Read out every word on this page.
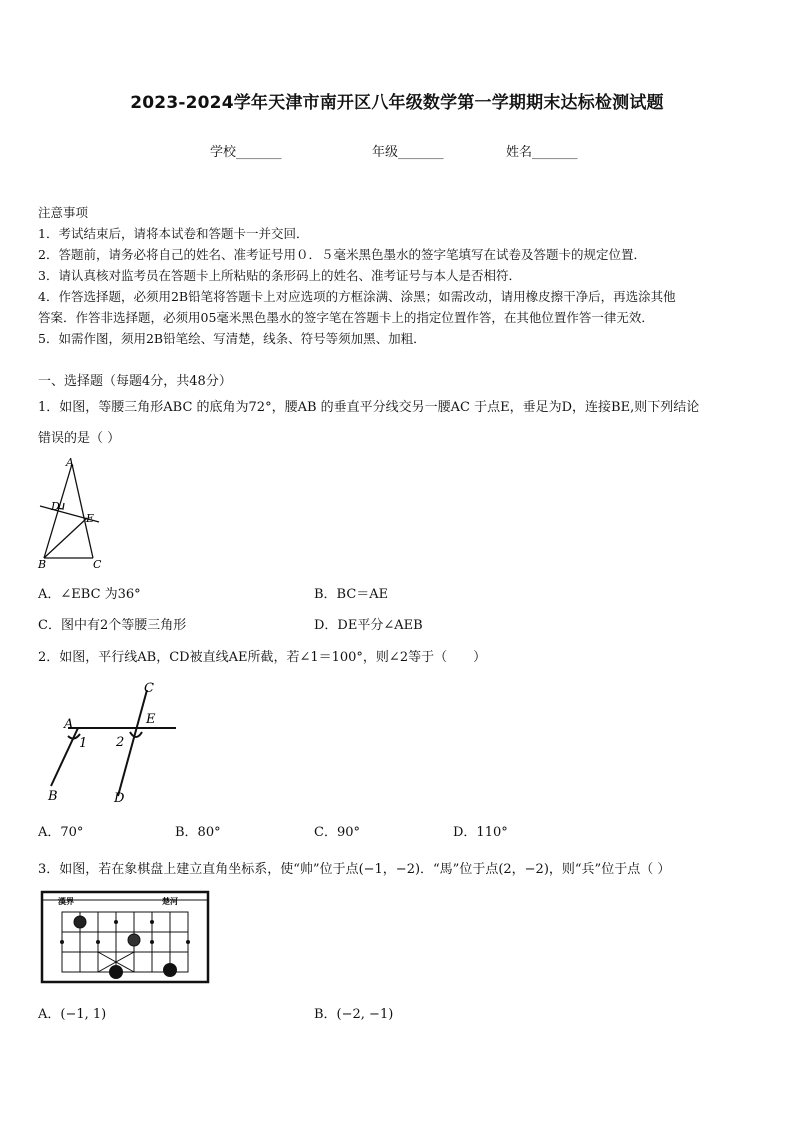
2023-2024学年天津市南开区八年级数学第一学期期末达标检测试题
学校_______	年级_______	姓名_______
注意事项
1．考试结束后，请将本试卷和答题卡一并交回．
2．答题前，请务必将自己的姓名、准考证号用０．５毫米黑色墨水的签字笔填写在试卷及答题卡的规定位置．
3．请认真核对监考员在答题卡上所粘贴的条形码上的姓名、准考证号与本人是否相符．
4．作答选择题，必须用2B铅笔将答题卡上对应选项的方框涂满、涂黑；如需改动，请用橡皮擦干净后，再选涂其他
答案．作答非选择题，必须用05毫米黑色墨水的签字笔在答题卡上的指定位置作答，在其他位置作答一律无效．
5．如需作图，须用2B铅笔绘、写清楚，线条、符号等须加黑、加粗．
一、选择题（每题4分，共48分）
1．如图，等腰三角形ABC 的底角为72°，腰AB 的垂直平分线交另一腰AC 于点E，垂足为D，连接BE,则下列结论
错误的是（ ）
A
D
E
B	C
A．∠EBC 为36°	B．BC＝AE
C．图中有2个等腰三角形	D．DE平分∠AEB
2．如图，平行线AB，CD被直线AE所截，若∠1＝100°，则∠2等于（　　）
C
A	E
1 2
B	D
A．70°	B．80°	C．90°	D．110°
3．如图，若在象棋盘上建立直角坐标系，使“帅”位于点(−1，−2)．“馬”位于点(2，−2)，则“兵”位于点（ ）
漢界	楚河
A．(−1, 1)	B．(−2, −1)
